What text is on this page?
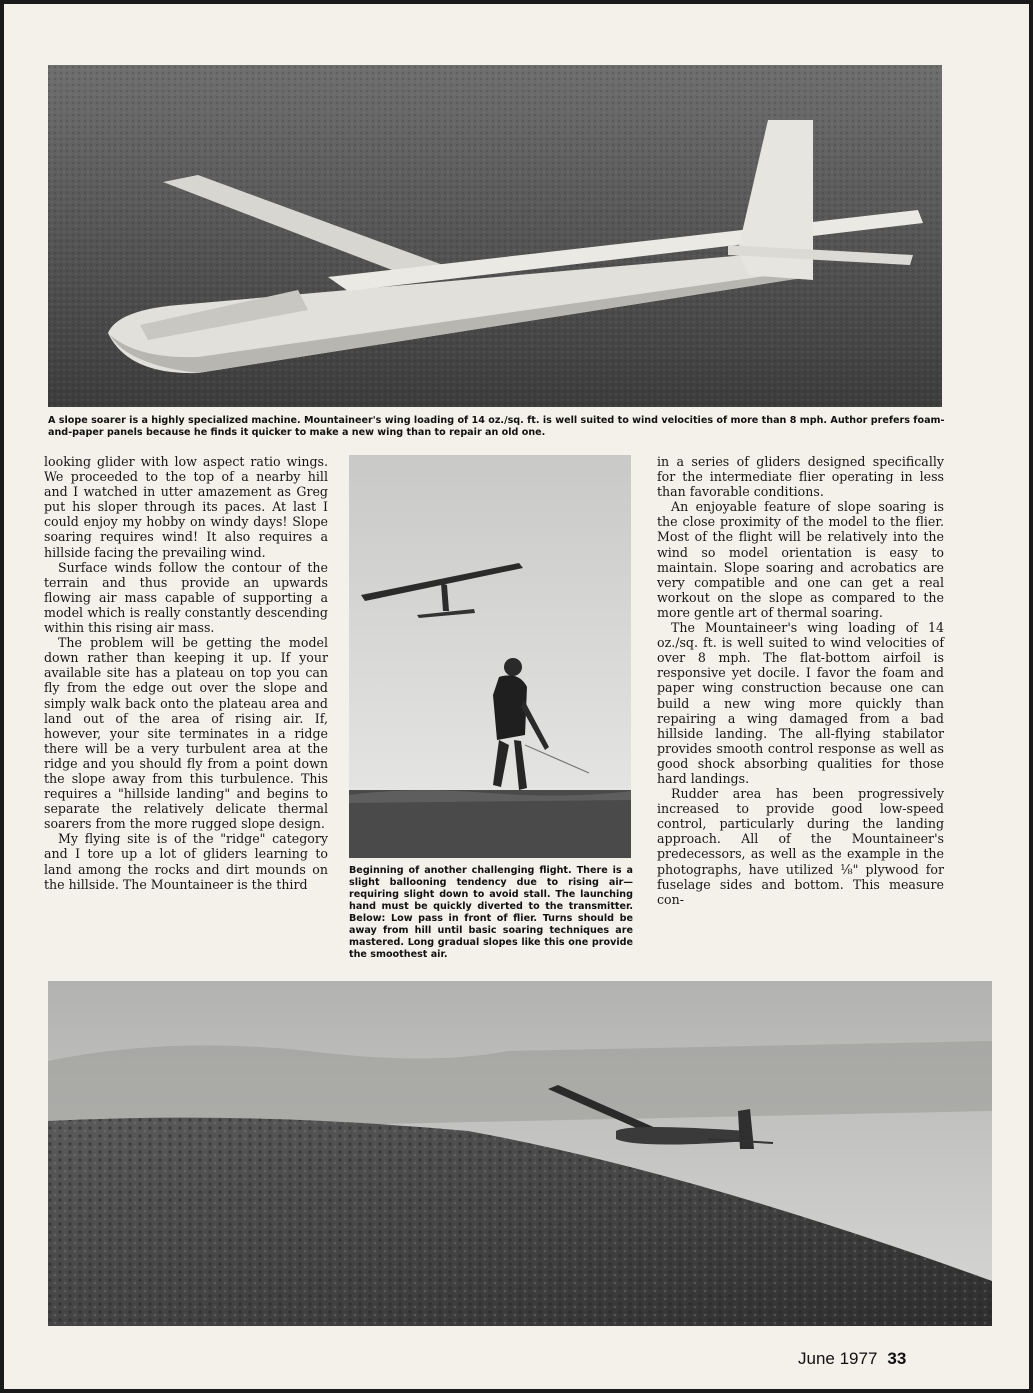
A slope soarer is a highly specialized machine. Mountaineer's wing loading of 14 oz./sq. ft. is well suited to wind velocities of more than 8 mph. Author prefers foam-and-paper panels because he finds it quicker to make a new wing than to repair an old one.

looking glider with low aspect ratio wings. We proceeded to the top of a nearby hill and I watched in utter amazement as Greg put his sloper through its paces. At last I could enjoy my hobby on windy days! Slope soaring requires wind! It also requires a hillside facing the prevailing wind.

Surface winds follow the contour of the terrain and thus provide an upwards flowing air mass capable of supporting a model which is really constantly descending within this rising air mass.

The problem will be getting the model down rather than keeping it up. If your available site has a plateau on top you can fly from the edge out over the slope and simply walk back onto the plateau area and land out of the area of rising air. If, however, your site terminates in a ridge there will be a very turbulent area at the ridge and you should fly from a point down the slope away from this turbulence. This requires a "hillside landing" and begins to separate the relatively delicate thermal soarers from the more rugged slope design.

My flying site is of the "ridge" category and I tore up a lot of gliders learning to land among the rocks and dirt mounds on the hillside. The Mountaineer is the third

Beginning of another challenging flight. There is a slight ballooning tendency due to rising air—requiring slight down to avoid stall. The launching hand must be quickly diverted to the transmitter. Below: Low pass in front of flier. Turns should be away from hill until basic soaring techniques are mastered. Long gradual slopes like this one provide the smoothest air.

in a series of gliders designed specifically for the intermediate flier operating in less than favorable conditions.

An enjoyable feature of slope soaring is the close proximity of the model to the flier. Most of the flight will be relatively into the wind so model orientation is easy to maintain. Slope soaring and acrobatics are very compatible and one can get a real workout on the slope as compared to the more gentle art of thermal soaring.

The Mountaineer's wing loading of 14 oz./sq. ft. is well suited to wind velocities of over 8 mph. The flat-bottom airfoil is responsive yet docile. I favor the foam and paper wing construction because one can build a new wing more quickly than repairing a wing damaged from a bad hillside landing. The all-flying stabilator provides smooth control response as well as good shock absorbing qualities for those hard landings.

Rudder area has been progressively increased to provide good low-speed control, particularly during the landing approach. All of the Mountaineer's predecessors, as well as the example in the photographs, have utilized ⅛" plywood for fuselage sides and bottom. This measure con-

June 1977 33
